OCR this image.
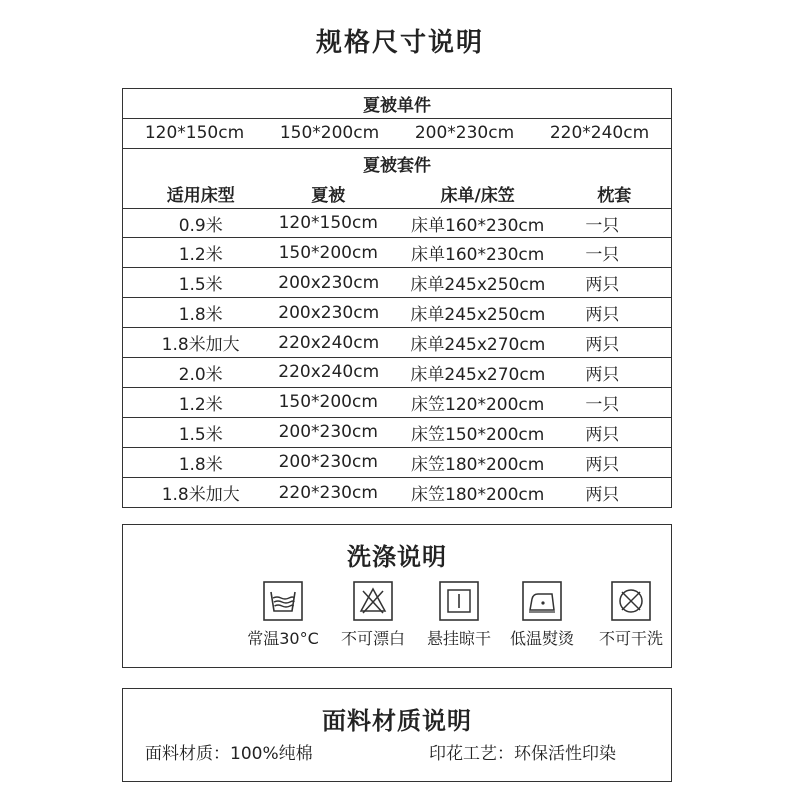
规格尺寸说明
夏被单件
120*150cm 150*200cm 200*230cm 220*240cm
夏被套件
适用床型	夏被	床单/床笠	枕套
0.9米	120*150cm	床单160*230cm	一只
1.2米	150*200cm	床单160*230cm	一只
1.5米	200x230cm	床单245x250cm	两只
1.8米	200x230cm	床单245x250cm	两只
1.8米加大	220x240cm	床单245x270cm	两只
2.0米	220x240cm	床单245x270cm	两只
1.2米	150*200cm	床笠120*200cm	一只
1.5米	200*230cm	床笠150*200cm	两只
1.8米	200*230cm	床笠180*200cm	两只
1.8米加大	220*230cm	床笠180*200cm	两只
洗涤说明
常温30°C	不可漂白	悬挂晾干	低温熨烫	不可干洗
面料材质说明
面料材质：100%纯棉	印花工艺：环保活性印染
